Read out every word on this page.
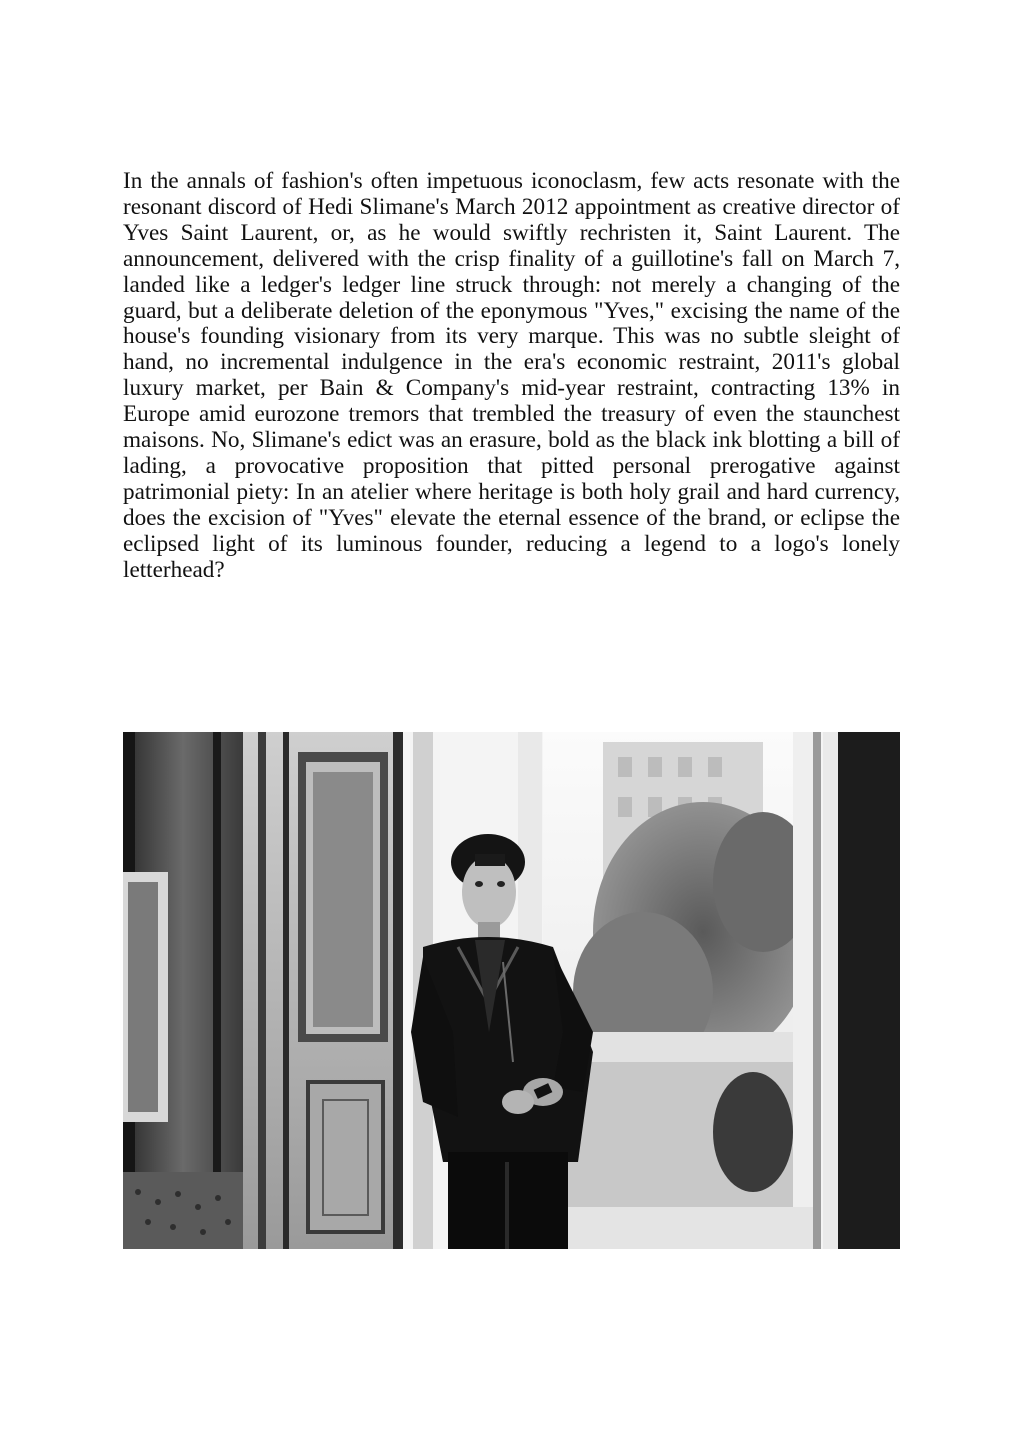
In the annals of fashion's often impetuous iconoclasm, few acts resonate with the resonant discord of Hedi Slimane's March 2012 appointment as creative director of Yves Saint Laurent, or, as he would swiftly rechristen it, Saint Laurent. The announcement, delivered with the crisp finality of a guillotine's fall on March 7, landed like a ledger's ledger line struck through: not merely a changing of the guard, but a deliberate deletion of the eponymous "Yves," excising the name of the house's founding visionary from its very marque. This was no subtle sleight of hand, no incremental indulgence in the era's economic restraint, 2011's global luxury market, per Bain & Company's mid-year restraint, contracting 13% in Europe amid eurozone tremors that trembled the treasury of even the staunchest maisons. No, Slimane's edict was an erasure, bold as the black ink blotting a bill of lading, a provocative proposition that pitted personal prerogative against patrimonial piety: In an atelier where heritage is both holy grail and hard currency, does the excision of "Yves" elevate the eternal essence of the brand, or eclipse the eclipsed light of its luminous founder, reducing a legend to a logo's lonely letterhead?
